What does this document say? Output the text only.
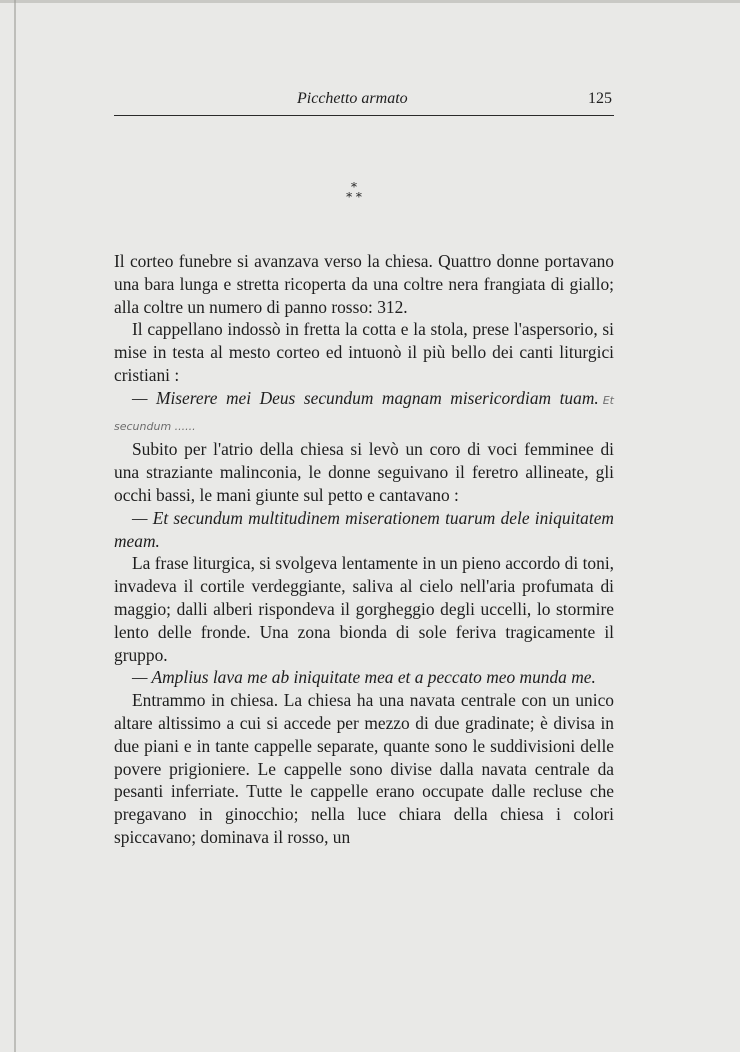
Picchetto armato	125
*
* *

Il corteo funebre si avanzava verso la chiesa. Quattro donne portavano una bara lunga e stretta ricoperta da una coltre nera frangiata di giallo; alla coltre un numero di panno rosso: 312.

Il cappellano indossò in fretta la cotta e la stola, prese l'aspersorio, si mise in testa al mesto corteo ed intuonò il più bello dei canti liturgici cristiani :

— Miserere mei Deus secundum magnam misericordiam tuam. Et secundum ......

Subito per l'atrio della chiesa si levò un coro di voci femminee di una straziante malinconia, le donne seguivano il feretro allineate, gli occhi bassi, le mani giunte sul petto e cantavano :

— Et secundum multitudinem miserationem tuarum dele iniquitatem meam.

La frase liturgica, si svolgeva lentamente in un pieno accordo di toni, invadeva il cortile verdeggiante, saliva al cielo nell'aria profumata di maggio; dalli alberi rispondeva il gorgheggio degli uccelli, lo stormire lento delle fronde. Una zona bionda di sole feriva tragicamente il gruppo.

— Amplius lava me ab iniquitate mea et a peccato meo munda me.

Entrammo in chiesa. La chiesa ha una navata centrale con un unico altare altissimo a cui si accede per mezzo di due gradinate; è divisa in due piani e in tante cappelle separate, quante sono le suddivisioni delle povere prigioniere. Le cappelle sono divise dalla navata centrale da pesanti inferriate. Tutte le cappelle erano occupate dalle recluse che pregavano in ginocchio; nella luce chiara della chiesa i colori spiccavano; dominava il rosso, un
